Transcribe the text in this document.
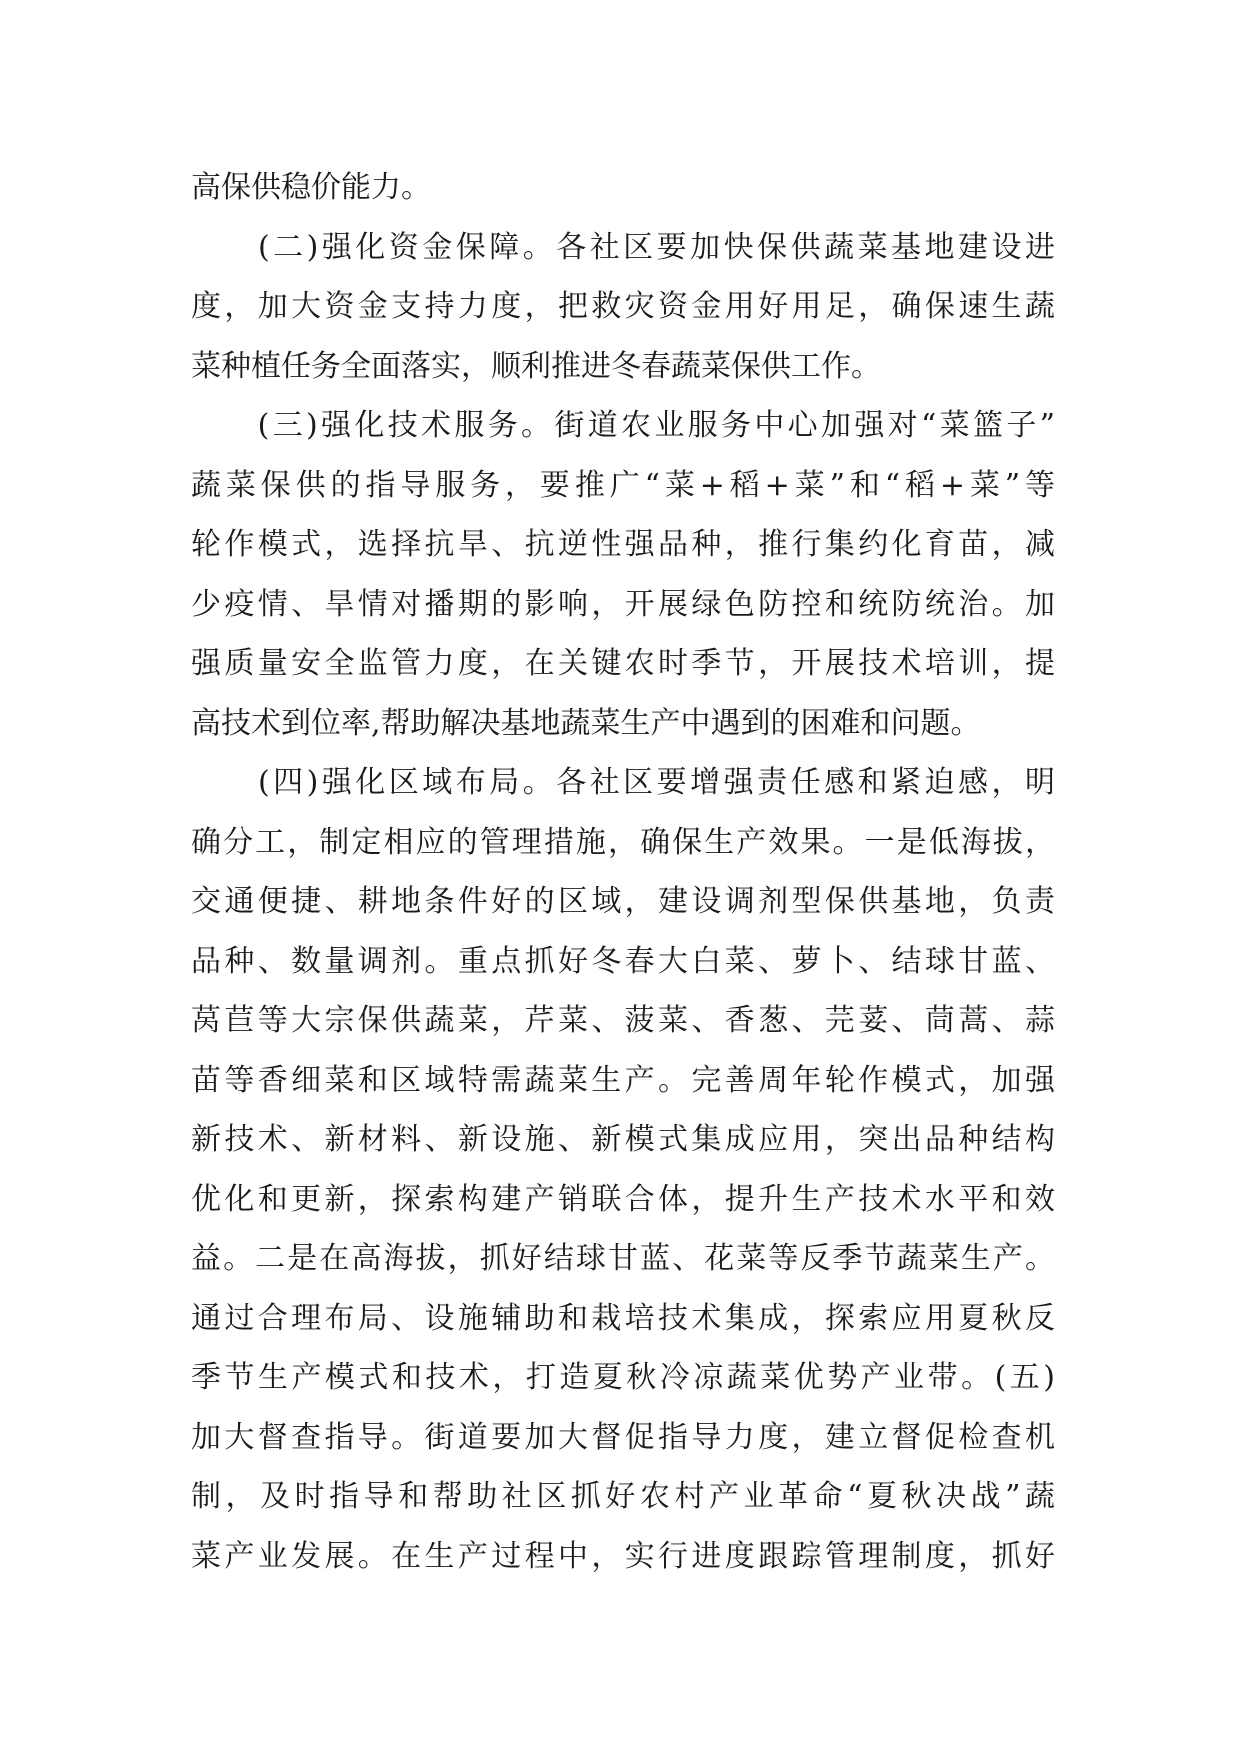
高保供稳价能力。
　　(二)强化资金保障。各社区要加快保供蔬菜基地建设进
度，加大资金支持力度，把救灾资金用好用足，确保速生蔬
菜种植任务全面落实，顺利推进冬春蔬菜保供工作。
　　(三)强化技术服务。街道农业服务中心加强对“菜篮子”
蔬菜保供的指导服务，要推广“菜+稻+菜”和“稻+菜”等
轮作模式，选择抗旱、抗逆性强品种，推行集约化育苗，减
少疫情、旱情对播期的影响，开展绿色防控和统防统治。加
强质量安全监管力度，在关键农时季节，开展技术培训，提
高技术到位率,帮助解决基地蔬菜生产中遇到的困难和问题。
　　(四)强化区域布局。各社区要增强责任感和紧迫感，明
确分工，制定相应的管理措施，确保生产效果。一是低海拔，
交通便捷、耕地条件好的区域，建设调剂型保供基地，负责
品种、数量调剂。重点抓好冬春大白菜、萝卜、结球甘蓝、
莴苣等大宗保供蔬菜，芹菜、菠菜、香葱、芫荽、茼蒿、蒜
苗等香细菜和区域特需蔬菜生产。完善周年轮作模式，加强
新技术、新材料、新设施、新模式集成应用，突出品种结构
优化和更新，探索构建产销联合体，提升生产技术水平和效
益。二是在高海拔，抓好结球甘蓝、花菜等反季节蔬菜生产。
通过合理布局、设施辅助和栽培技术集成，探索应用夏秋反
季节生产模式和技术，打造夏秋冷凉蔬菜优势产业带。(五)
加大督查指导。街道要加大督促指导力度，建立督促检查机
制，及时指导和帮助社区抓好农村产业革命“夏秋决战”蔬
菜产业发展。在生产过程中，实行进度跟踪管理制度，抓好
